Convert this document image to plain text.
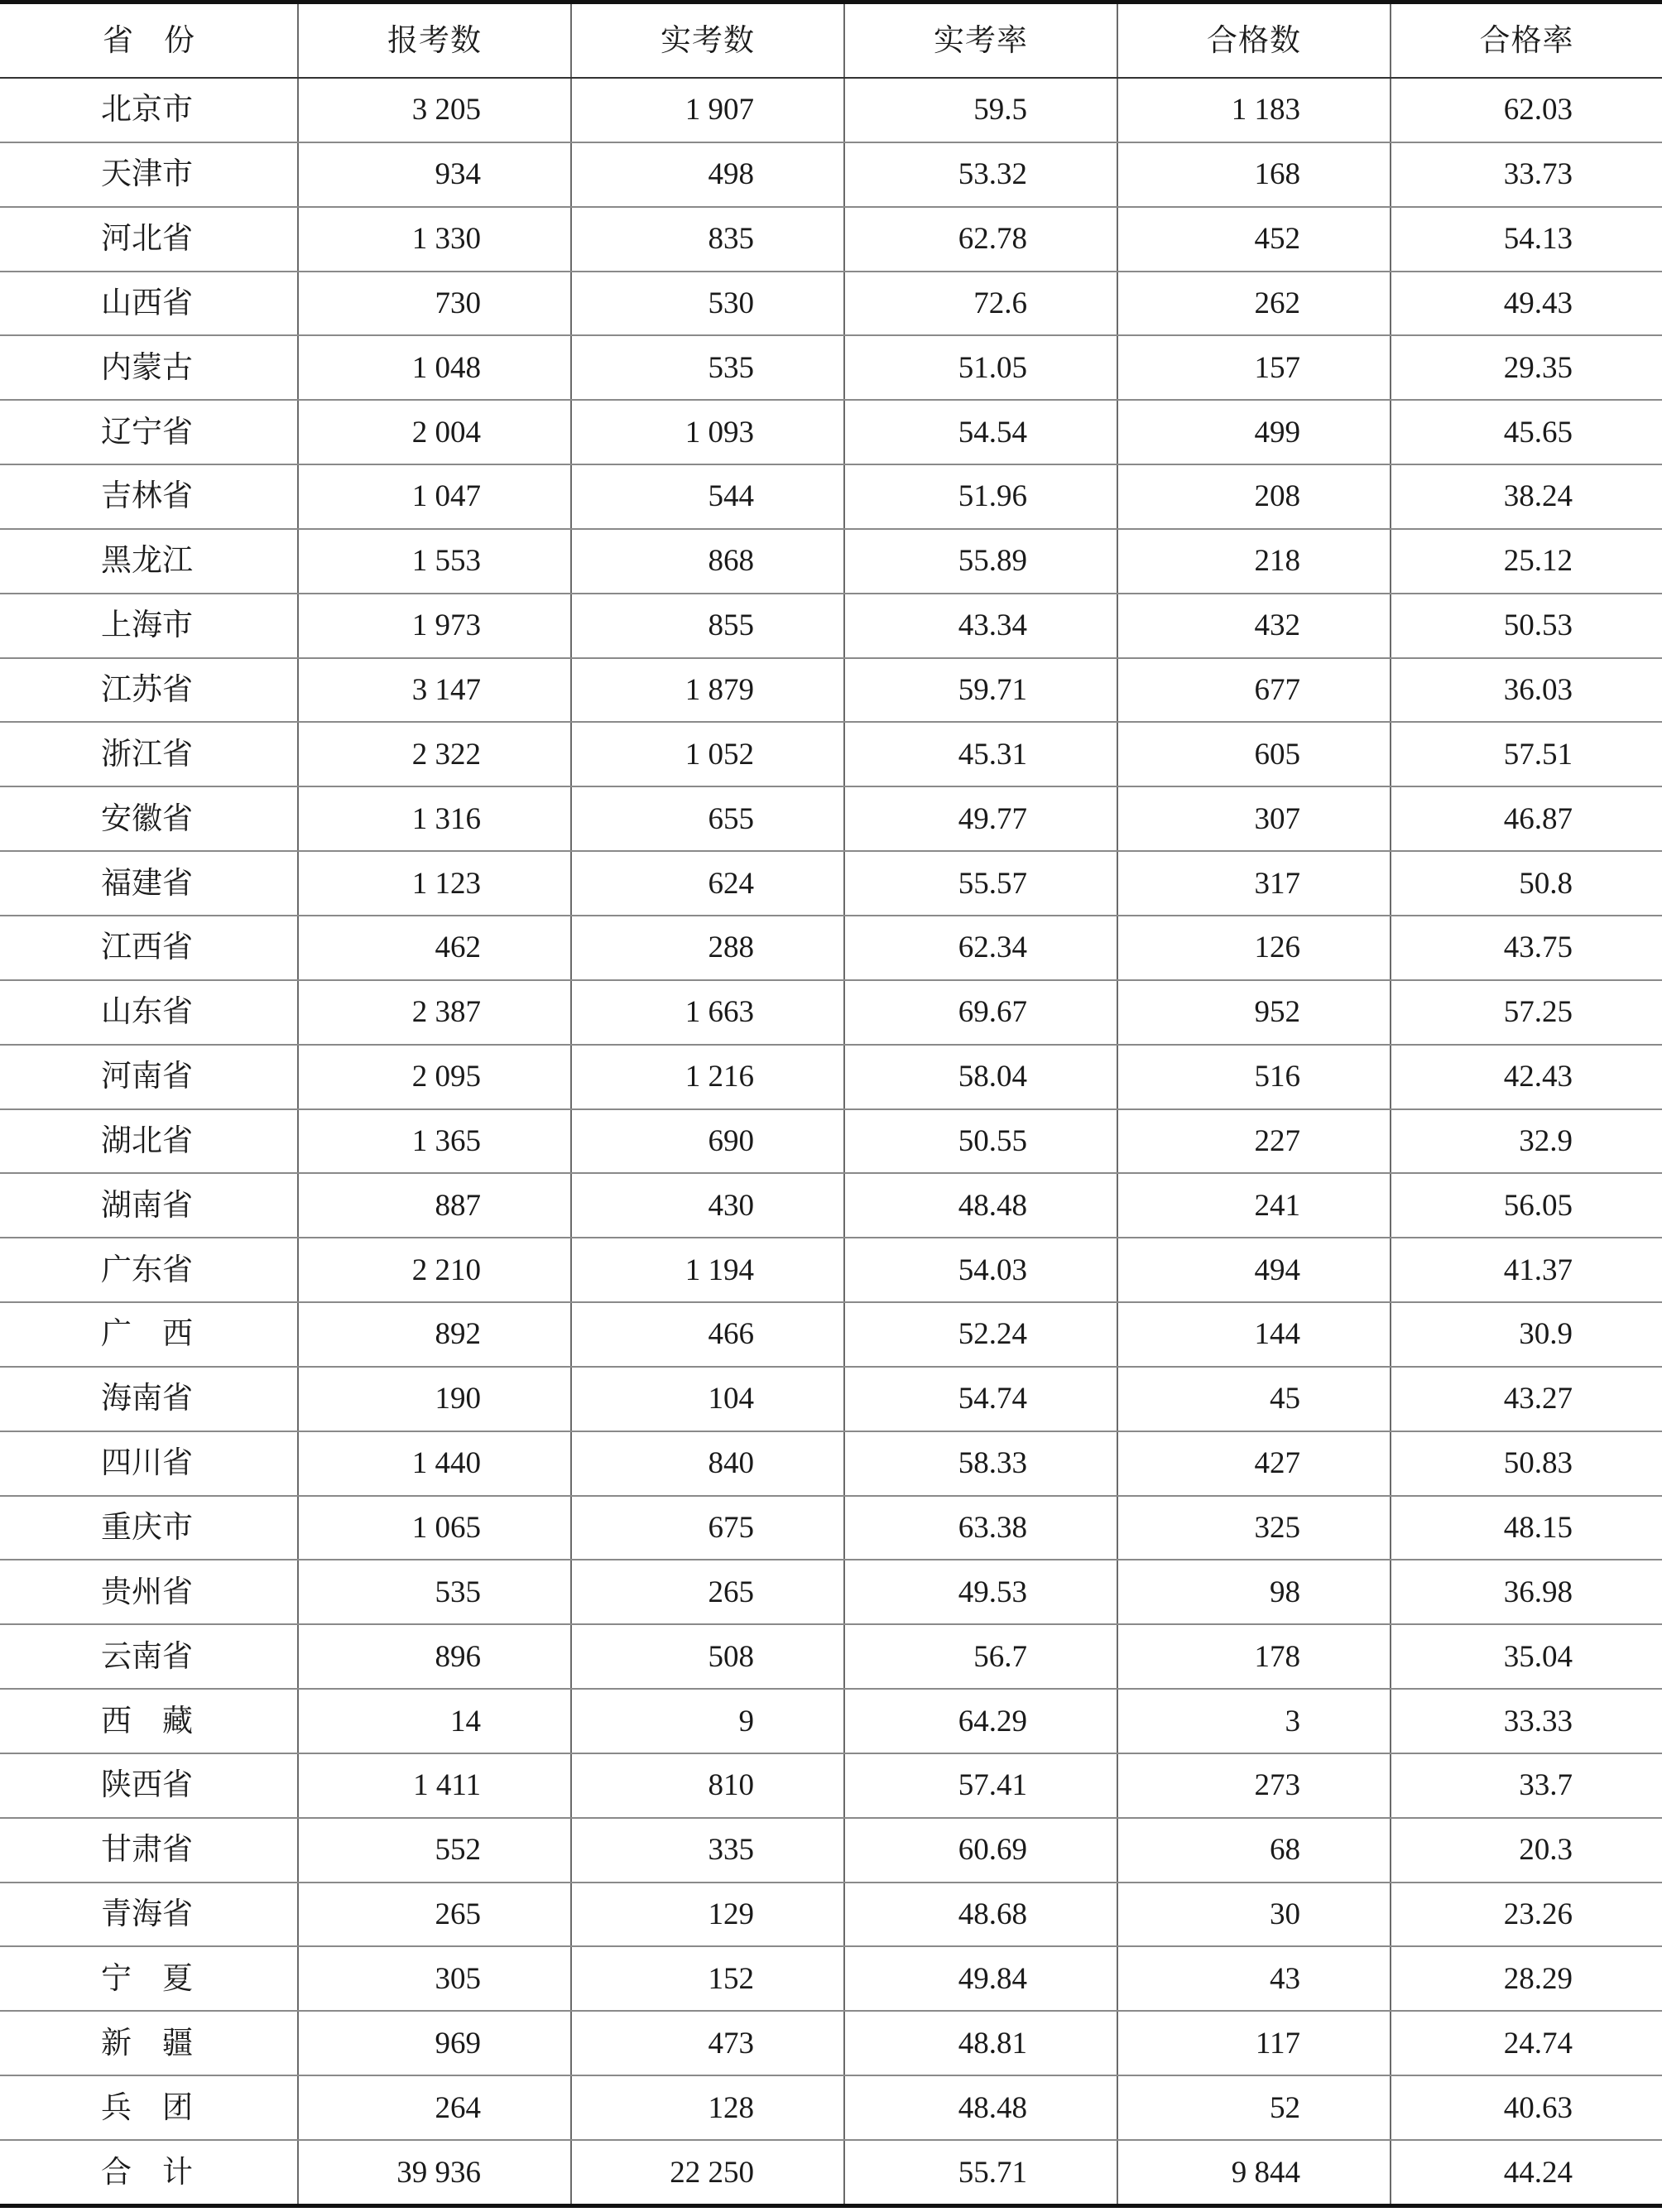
省　份	报考数	实考数	实考率	合格数	合格率
北京市	3 205	1 907	59.5	1 183	62.03
天津市	934	498	53.32	168	33.73
河北省	1 330	835	62.78	452	54.13
山西省	730	530	72.6	262	49.43
内蒙古	1 048	535	51.05	157	29.35
辽宁省	2 004	1 093	54.54	499	45.65
吉林省	1 047	544	51.96	208	38.24
黑龙江	1 553	868	55.89	218	25.12
上海市	1 973	855	43.34	432	50.53
江苏省	3 147	1 879	59.71	677	36.03
浙江省	2 322	1 052	45.31	605	57.51
安徽省	1 316	655	49.77	307	46.87
福建省	1 123	624	55.57	317	50.8
江西省	462	288	62.34	126	43.75
山东省	2 387	1 663	69.67	952	57.25
河南省	2 095	1 216	58.04	516	42.43
湖北省	1 365	690	50.55	227	32.9
湖南省	887	430	48.48	241	56.05
广东省	2 210	1 194	54.03	494	41.37
广　西	892	466	52.24	144	30.9
海南省	190	104	54.74	45	43.27
四川省	1 440	840	58.33	427	50.83
重庆市	1 065	675	63.38	325	48.15
贵州省	535	265	49.53	98	36.98
云南省	896	508	56.7	178	35.04
西　藏	14	9	64.29	3	33.33
陕西省	1 411	810	57.41	273	33.7
甘肃省	552	335	60.69	68	20.3
青海省	265	129	48.68	30	23.26
宁　夏	305	152	49.84	43	28.29
新　疆	969	473	48.81	117	24.74
兵　团	264	128	48.48	52	40.63
合　计	39 936	22 250	55.71	9 844	44.24
